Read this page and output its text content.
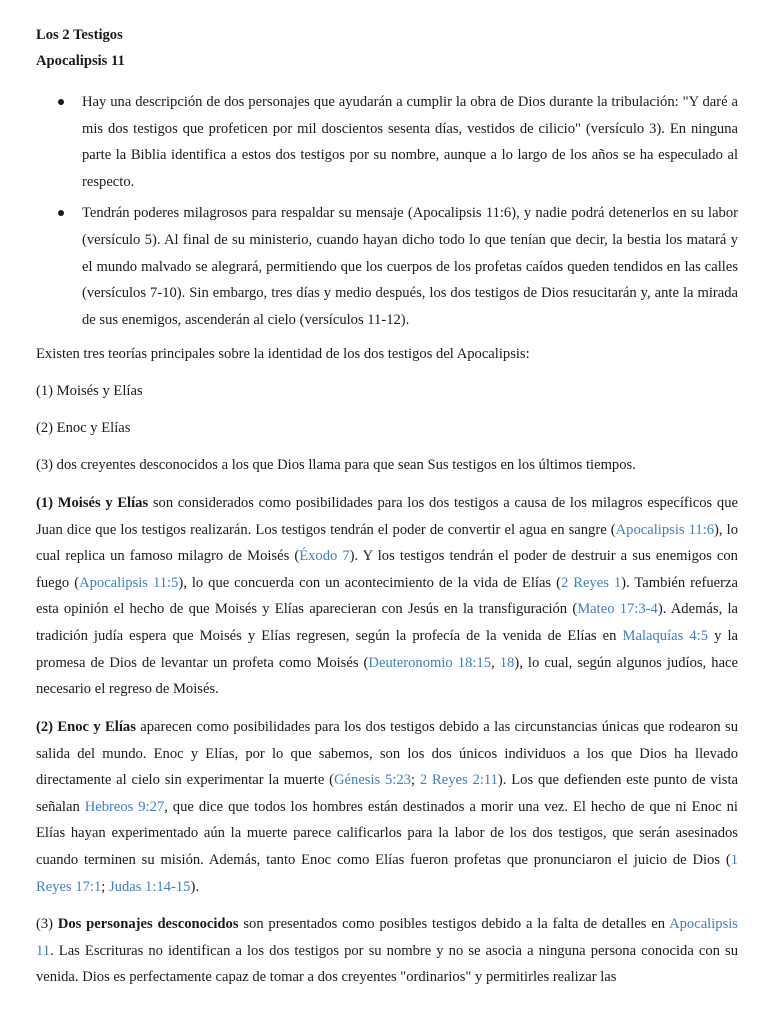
Los 2 Testigos
Apocalipsis 11
Hay una descripción de dos personajes que ayudarán a cumplir la obra de Dios durante la tribulación: "Y daré a mis dos testigos que profeticen por mil doscientos sesenta días, vestidos de cilicio" (versículo 3). En ninguna parte la Biblia identifica a estos dos testigos por su nombre, aunque a lo largo de los años se ha especulado al respecto.
Tendrán poderes milagrosos para respaldar su mensaje (Apocalipsis 11:6), y nadie podrá detenerlos en su labor (versículo 5). Al final de su ministerio, cuando hayan dicho todo lo que tenían que decir, la bestia los matará y el mundo malvado se alegrará, permitiendo que los cuerpos de los profetas caídos queden tendidos en las calles (versículos 7-10). Sin embargo, tres días y medio después, los dos testigos de Dios resucitarán y, ante la mirada de sus enemigos, ascenderán al cielo (versículos 11-12).
Existen tres teorías principales sobre la identidad de los dos testigos del Apocalipsis:
(1) Moisés y Elías
(2) Enoc y Elías
(3) dos creyentes desconocidos a los que Dios llama para que sean Sus testigos en los últimos tiempos.
(1) Moisés y Elías son considerados como posibilidades para los dos testigos a causa de los milagros específicos que Juan dice que los testigos realizarán. Los testigos tendrán el poder de convertir el agua en sangre (Apocalipsis 11:6), lo cual replica un famoso milagro de Moisés (Éxodo 7). Y los testigos tendrán el poder de destruir a sus enemigos con fuego (Apocalipsis 11:5), lo que concuerda con un acontecimiento de la vida de Elías (2 Reyes 1). También refuerza esta opinión el hecho de que Moisés y Elías aparecieran con Jesús en la transfiguración (Mateo 17:3-4). Además, la tradición judía espera que Moisés y Elías regresen, según la profecía de la venida de Elías en Malaquías 4:5 y la promesa de Dios de levantar un profeta como Moisés (Deuteronomio 18:15, 18), lo cual, según algunos judíos, hace necesario el regreso de Moisés.
(2) Enoc y Elías aparecen como posibilidades para los dos testigos debido a las circunstancias únicas que rodearon su salida del mundo. Enoc y Elías, por lo que sabemos, son los dos únicos individuos a los que Dios ha llevado directamente al cielo sin experimentar la muerte (Génesis 5:23; 2 Reyes 2:11). Los que defienden este punto de vista señalan Hebreos 9:27, que dice que todos los hombres están destinados a morir una vez. El hecho de que ni Enoc ni Elías hayan experimentado aún la muerte parece calificarlos para la labor de los dos testigos, que serán asesinados cuando terminen su misión. Además, tanto Enoc como Elías fueron profetas que pronunciaron el juicio de Dios (1 Reyes 17:1; Judas 1:14-15).
(3) Dos personajes desconocidos son presentados como posibles testigos debido a la falta de detalles en Apocalipsis 11. Las Escrituras no identifican a los dos testigos por su nombre y no se asocia a ninguna persona conocida con su venida. Dios es perfectamente capaz de tomar a dos creyentes "ordinarios" y permitirles realizar las
